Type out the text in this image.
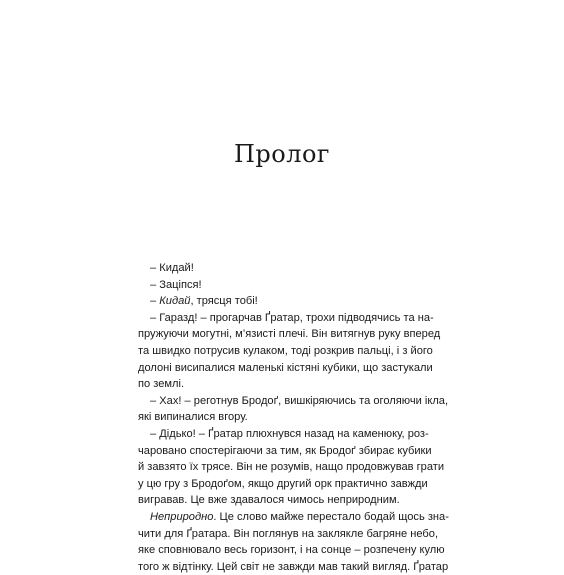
Пролог
– Кидай!
– Заціпся!
– Кидай, трясця тобі!
– Гаразд! – прогарчав Ґратар, трохи підводячись та на-
пружуючи могутні, м’язисті плечі. Він витягнув руку вперед
та швидко потрусив кулаком, тоді розкрив пальці, і з його
долоні висипалися маленькі кістяні кубики, що застукали
по землі.
– Хах! – реготнув Бродоґ, вишкіряючись та оголяючи ікла,
які випиналися вгору.
– Дідько! – Ґратар плюхнувся назад на каменюку, роз-
чаровано спостерігаючи за тим, як Бродоґ збирає кубики
й завзято їх трясе. Він не розумів, нащо продовжував грати
у цю гру з Бродоґом, якщо другий орк практично завжди
вигравав. Це вже здавалося чимось неприродним.
Неприродно. Це слово майже перестало бодай щось зна-
чити для Ґратара. Він поглянув на заклякле багряне небо,
яке сповнювало весь горизонт, і на сонце – розпечену кулю
того ж відтінку. Цей світ не завжди мав такий вигляд. Ґратар
